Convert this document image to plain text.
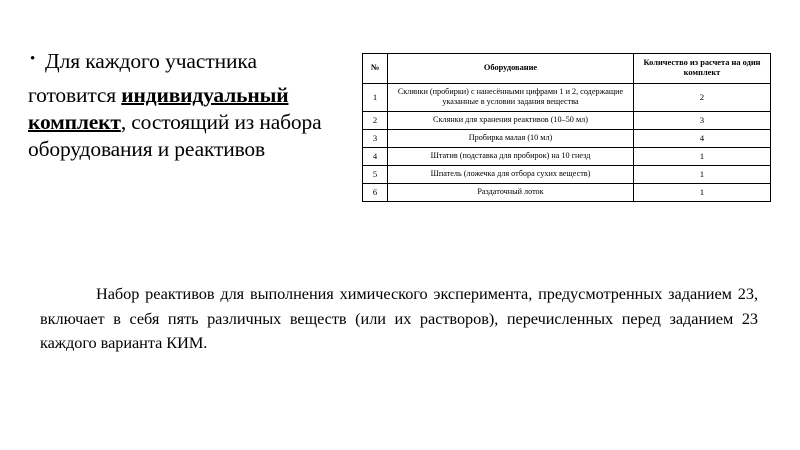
• Для каждого участника
готовится индивидуальный комплект, состоящий из набора оборудования и реактивов
№	Оборудование	Количество из расчета на один комплект
1	Склянки (пробирки) с нанесёнными цифрами 1 и 2, содержащие указанные в условии задания вещества	2
2	Склянки для хранения реактивов (10–50 мл)	3
3	Пробирка малая (10 мл)	4
4	Штатив (подставка для пробирок) на 10 гнезд	1
5	Шпатель (ложечка для отбора сухих веществ)	1
6	Раздаточный лоток	1

Набор реактивов для выполнения химического эксперимента, предусмотренных заданием 23, включает в себя пять различных веществ (или их растворов), перечисленных перед заданием 23 каждого варианта КИМ.
